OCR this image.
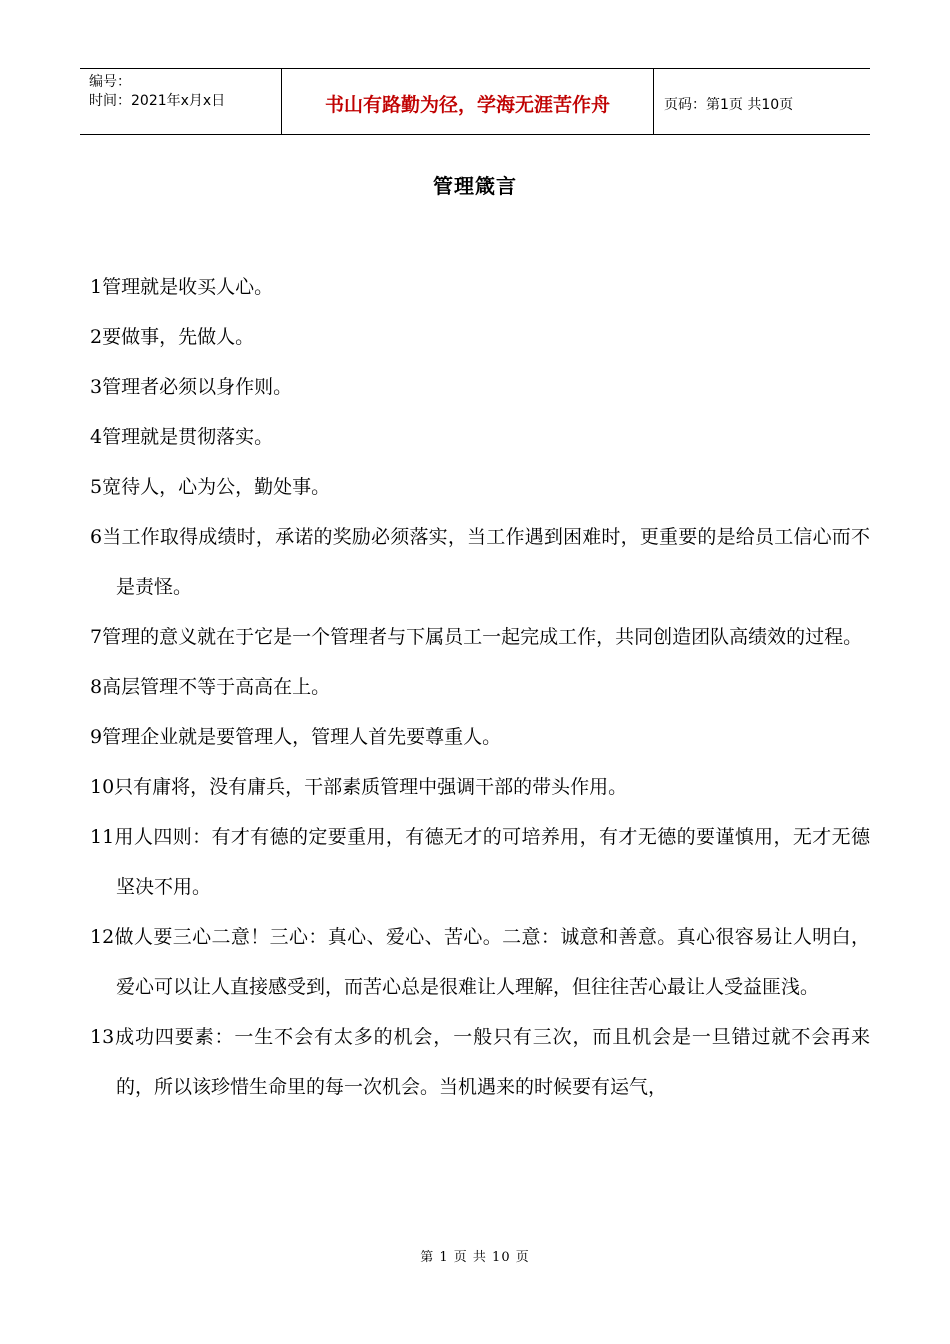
编号：
时间：2021年x月x日	书山有路勤为径，学海无涯苦作舟	页码：第1页 共10页
管理箴言
1管理就是收买人心。
2要做事，先做人。
3管理者必须以身作则。
4管理就是贯彻落实。
5宽待人，心为公，勤处事。
6当工作取得成绩时，承诺的奖励必须落实，当工作遇到困难时，更重要的是给员工信心而不是责怪。
7管理的意义就在于它是一个管理者与下属员工一起完成工作，共同创造团队高绩效的过程。
8高层管理不等于高高在上。
9管理企业就是要管理人，管理人首先要尊重人。
10只有庸将，没有庸兵，干部素质管理中强调干部的带头作用。
11用人四则：有才有德的定要重用，有德无才的可培养用，有才无德的要谨慎用，无才无德坚决不用。
12做人要三心二意！三心：真心、爱心、苦心。二意：诚意和善意。真心很容易让人明白，爱心可以让人直接感受到，而苦心总是很难让人理解，但往往苦心最让人受益匪浅。
13成功四要素：一生不会有太多的机会，一般只有三次，而且机会是一旦错过就不会再来的，所以该珍惜生命里的每一次机会。当机遇来的时候要有运气，
第 1 页 共 10 页
